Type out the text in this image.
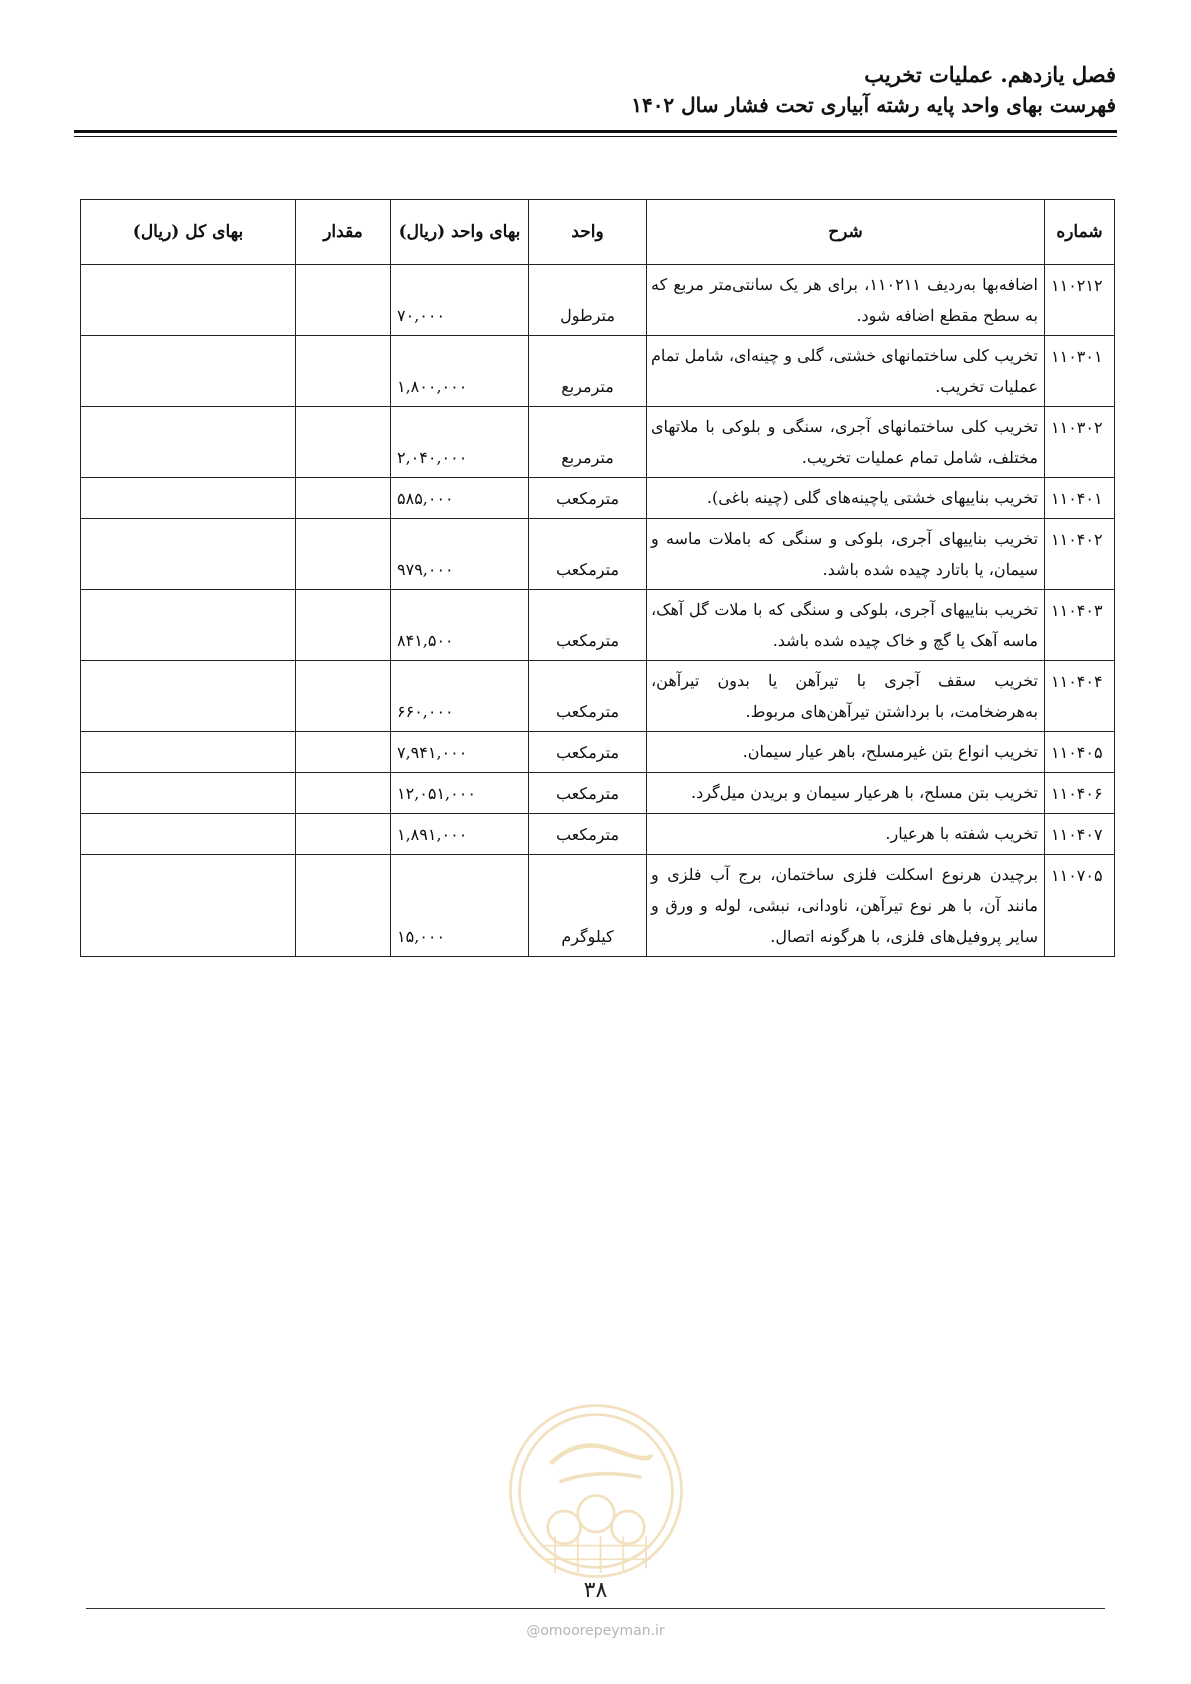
فصل یازدهم. عملیات تخریب
فهرست بهای واحد پایه رشته آبیاری تحت فشار سال ۱۴۰۲
شماره	شرح	واحد	بهای واحد (ریال)	مقدار	بهای کل (ریال)
۱۱۰۲۱۲	اضافه‌بها به‌ردیف ۱۱۰۲۱۱، برای هر یک سانتی‌متر مربع که به سطح مقطع اضافه شود.	مترطول	۷۰,۰۰۰		

۱۱۰۳۰۱	تخریب کلی ساختمانهای خشتی، گلی و چینه‌ای، شامل تمام عملیات تخریب.	مترمربع	۱,۸۰۰,۰۰۰		

۱۱۰۳۰۲	تخریب کلی ساختمانهای آجری، سنگی و بلوکی با ملاتهای مختلف، شامل تمام عملیات تخریب.	مترمربع	۲,۰۴۰,۰۰۰		

۱۱۰۴۰۱	تخریب بناییهای خشتی یاچینه‌های گلی (چینه باغی).	مترمکعب	۵۸۵,۰۰۰		

۱۱۰۴۰۲	تخریب بناییهای آجری، بلوکی و سنگی که باملات ماسه و سیمان، یا باتارد چیده شده باشد.	مترمکعب	۹۷۹,۰۰۰		

۱۱۰۴۰۳	تخریب بناییهای آجری، بلوکی و سنگی که با ملات گل آهک، ماسه آهک یا گچ و خاک چیده شده باشد.	مترمکعب	۸۴۱,۵۰۰		

۱۱۰۴۰۴	تخریب سقف آجری با تیرآهن یا بدون تیرآهن، به‌هرضخامت، با برداشتن تیرآهن‌های مربوط.	مترمکعب	۶۶۰,۰۰۰		

۱۱۰۴۰۵	تخریب انواع بتن غیرمسلح، باهر عیار سیمان.	مترمکعب	۷,۹۴۱,۰۰۰		

۱۱۰۴۰۶	تخریب بتن مسلح، با هرعیار سیمان و بریدن میل‌گرد.	مترمکعب	۱۲,۰۵۱,۰۰۰		

۱۱۰۴۰۷	تخریب شفته با هرعیار.	مترمکعب	۱,۸۹۱,۰۰۰		

۱۱۰۷۰۵	برچیدن هرنوع اسکلت فلزی ساختمان، برج آب فلزی و مانند آن، با هر نوع تیرآهن، ناودانی، نبشی، لوله و ورق و سایر پروفیل‌های فلزی، با هرگونه اتصال.	کیلوگرم	۱۵,۰۰۰		

۳۸
@omoorepeyman.ir
